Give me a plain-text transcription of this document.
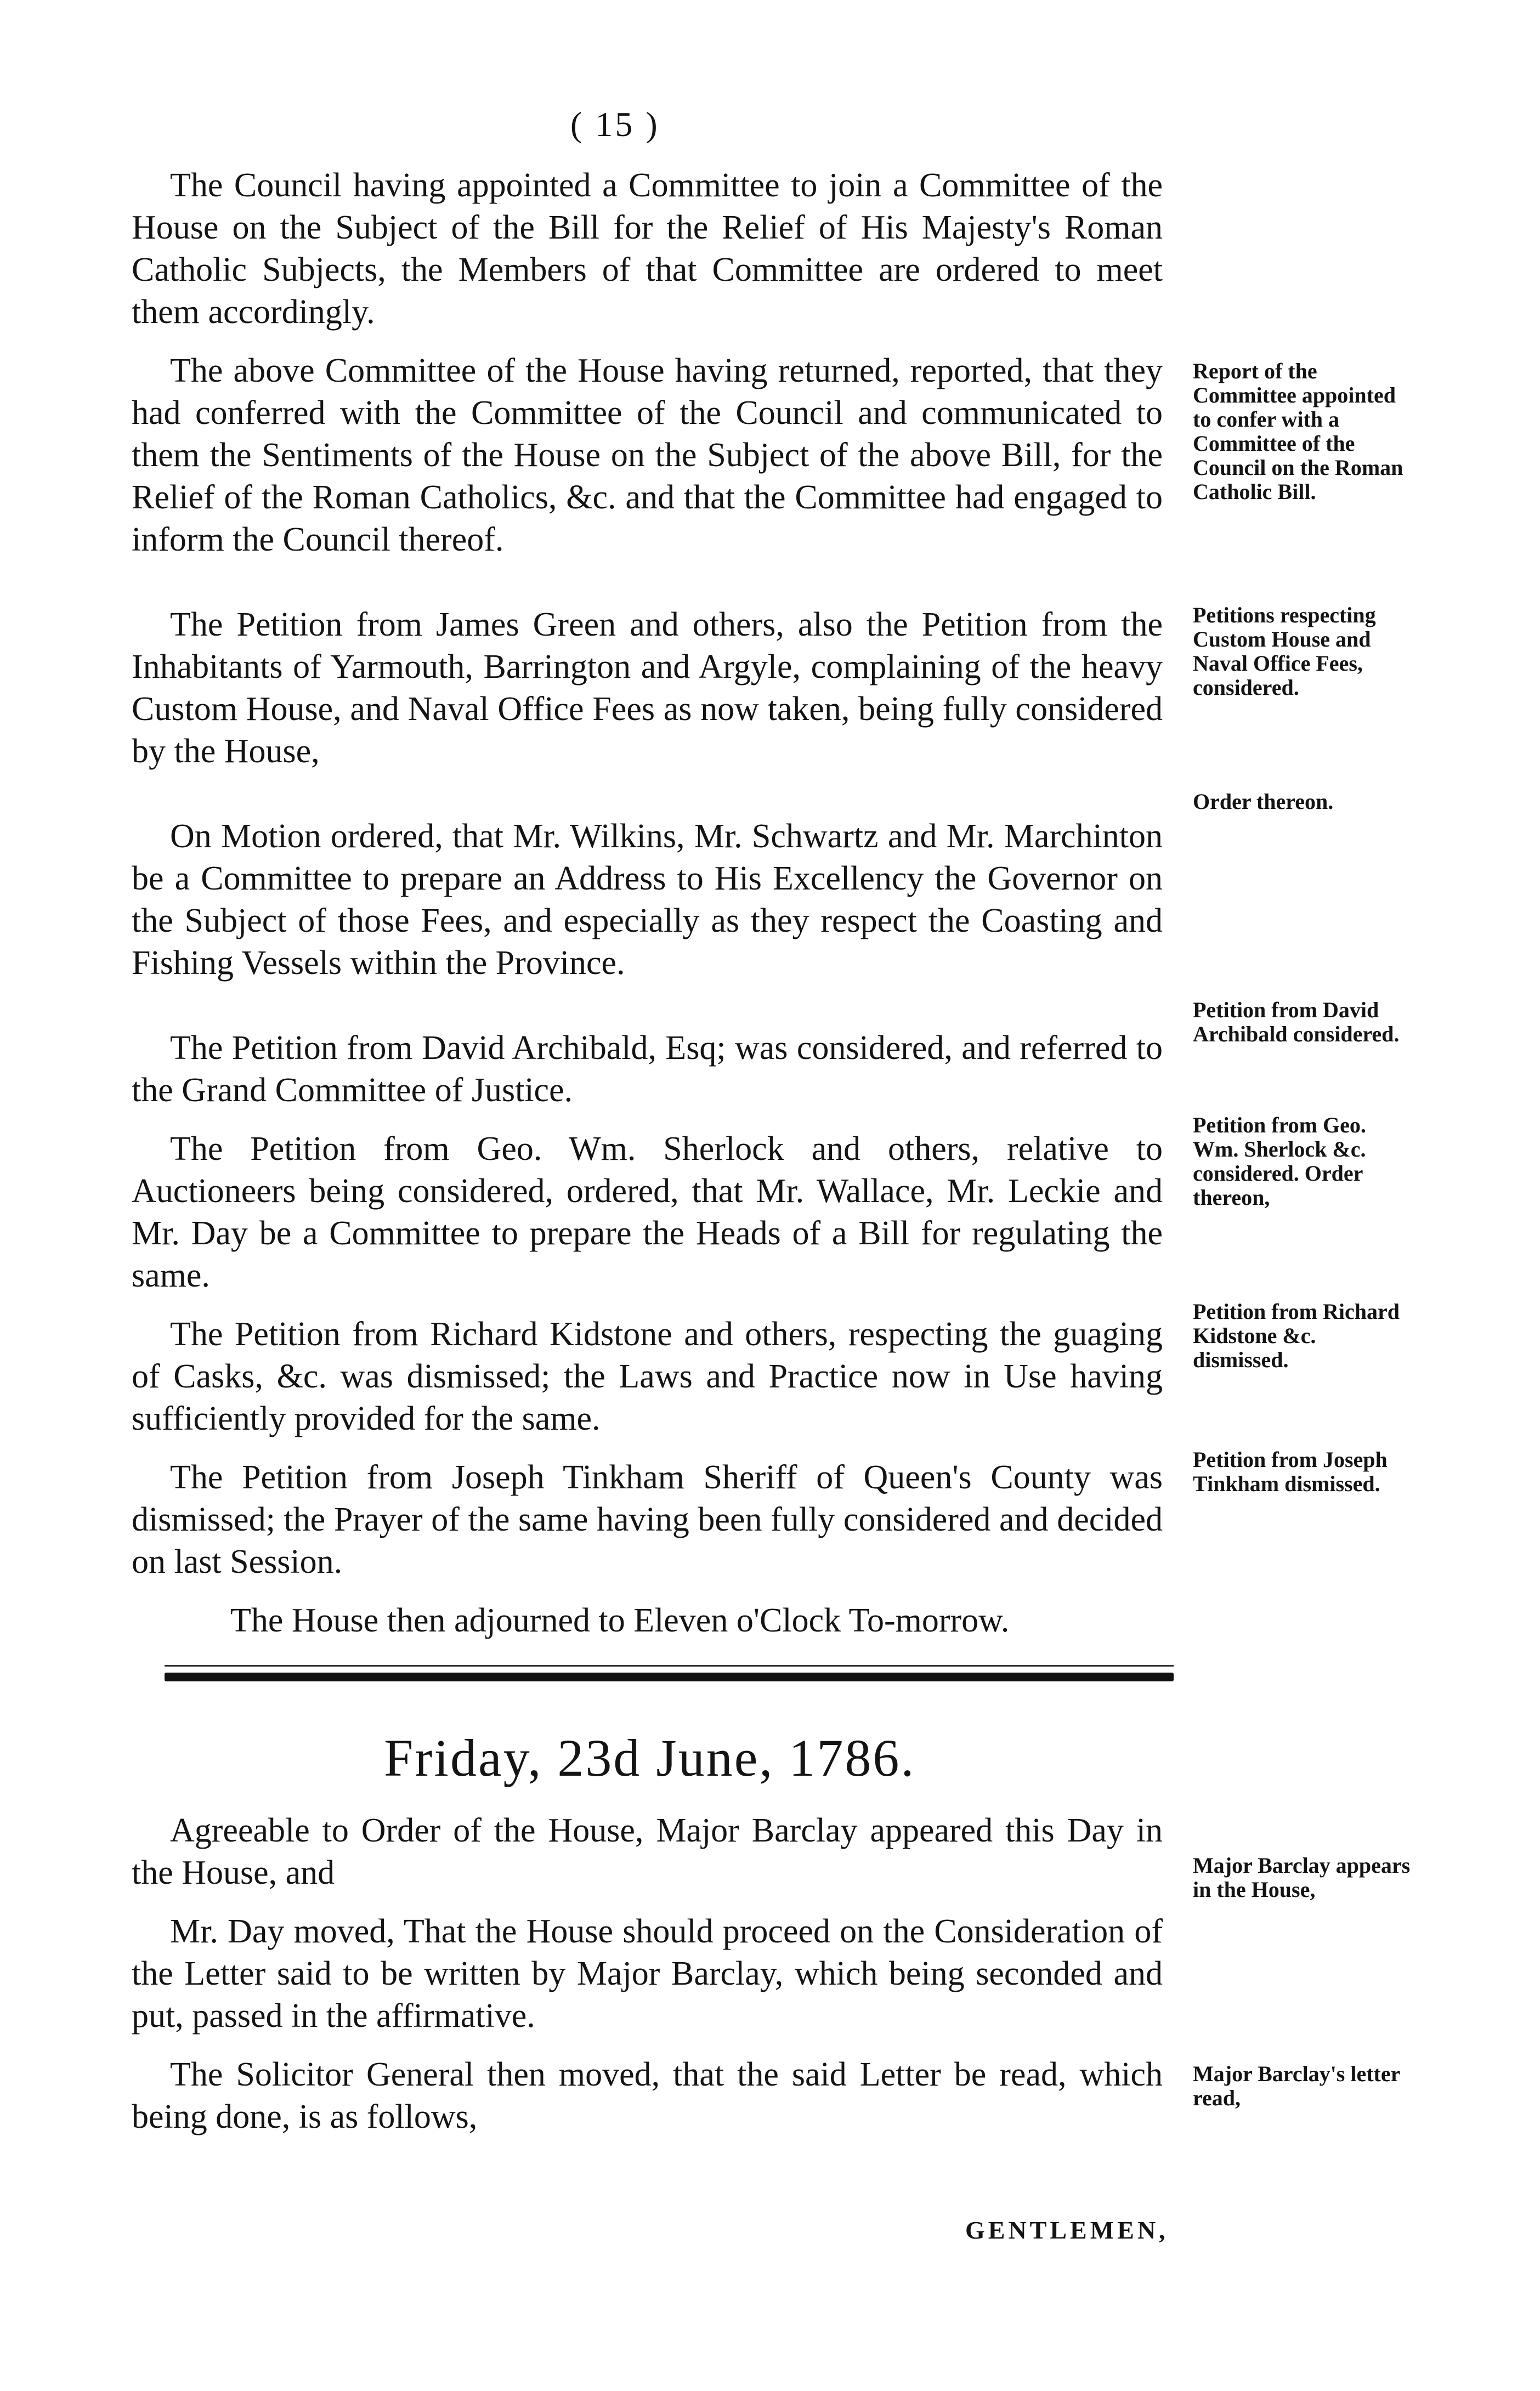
( 15 )

The Council having appointed a Committee to join a Committee of the House on the Subject of the Bill for the Relief of His Majesty's Roman Catholic Subjects, the Members of that Committee are ordered to meet them accordingly.

The above Committee of the House having returned, reported, that they had conferred with the Committee of the Council and communicated to them the Sentiments of the House on the Subject of the above Bill, for the Relief of the Roman Catholics, &c. and that the Committee had engaged to inform the Council thereof.

The Petition from James Green and others, also the Petition from the Inhabitants of Yarmouth, Barrington and Argyle, complaining of the heavy Custom House, and Naval Office Fees as now taken, being fully considered by the House,

On Motion ordered, that Mr. Wilkins, Mr. Schwartz and Mr. Marchinton be a Committee to prepare an Address to His Excellency the Governor on the Subject of those Fees, and especially as they respect the Coasting and Fishing Vessels within the Province.

The Petition from David Archibald, Esq; was considered, and referred to the Grand Committee of Justice.

The Petition from Geo. Wm. Sherlock and others, relative to Auctioneers being considered, ordered, that Mr. Wallace, Mr. Leckie and Mr. Day be a Committee to prepare the Heads of a Bill for regulating the same.

The Petition from Richard Kidstone and others, respecting the guaging of Casks, &c. was dismissed; the Laws and Practice now in Use having sufficiently provided for the same.

The Petition from Joseph Tinkham Sheriff of Queen's County was dismissed; the Prayer of the same having been fully considered and decided on last Session.

The House then adjourned to Eleven o'Clock To-morrow.

Report of the Committee appointed to confer with a Committee of the Council on the Roman Catholic Bill.

Petitions respecting Custom House and Naval Office Fees, considered.

Order thereon.

Petition from David Archibald considered.

Petition from Geo. Wm. Sherlock &c. considered. Order thereon,

Petition from Richard Kidstone &c. dismissed.

Petition from Joseph Tinkham dismissed.

Friday, 23d June, 1786.

Agreeable to Order of the House, Major Barclay appeared this Day in the House, and

Mr. Day moved, That the House should proceed on the Consideration of the Letter said to be written by Major Barclay, which being seconded and put, passed in the affirmative.

The Solicitor General then moved, that the said Letter be read, which being done, is as follows,

Major Barclay appears in the House,

Major Barclay's letter read,

GENTLEMEN,
